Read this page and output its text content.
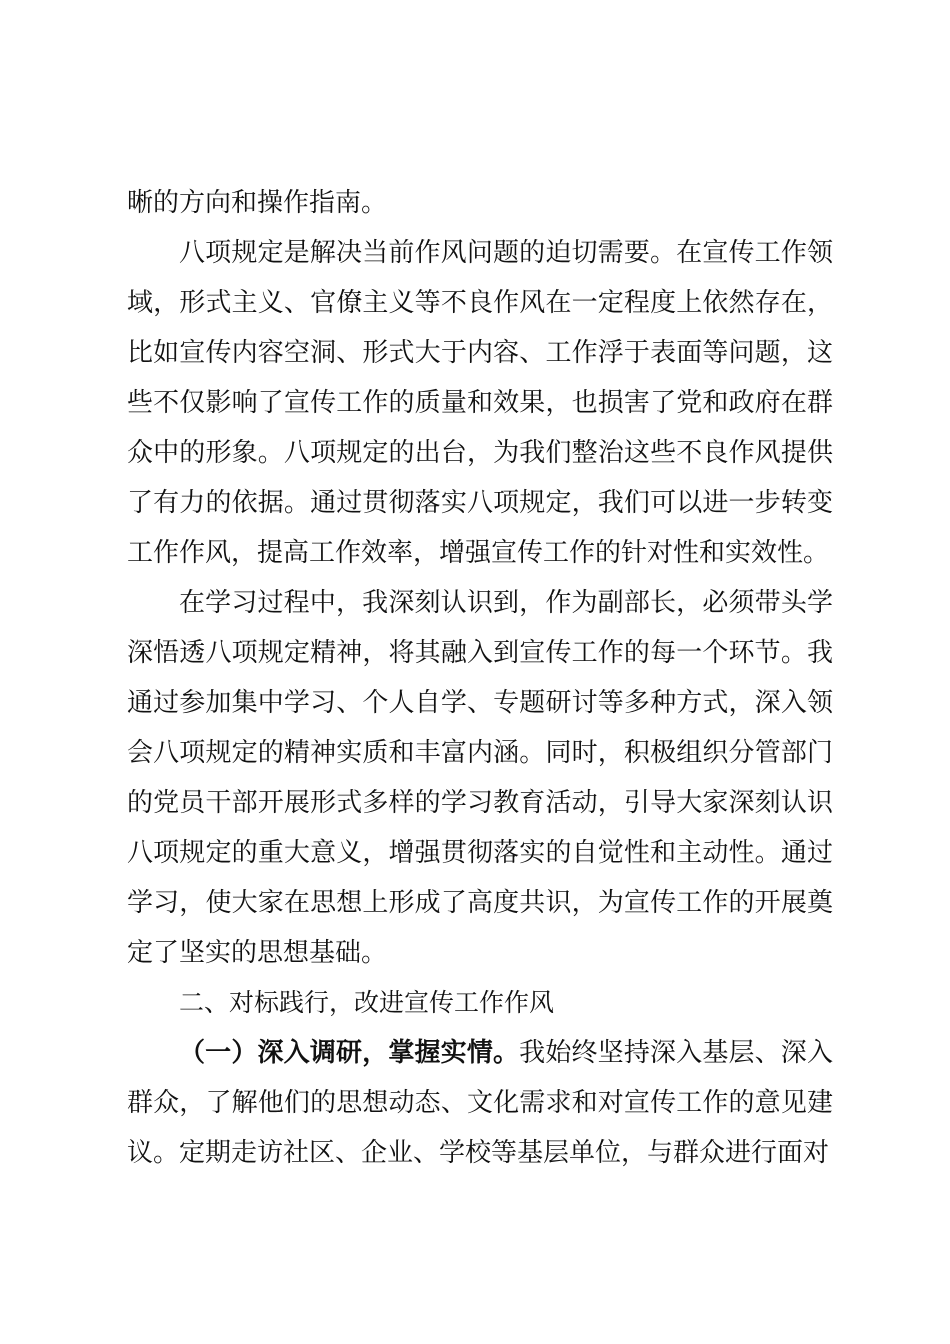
晰的方向和操作指南。

八项规定是解决当前作风问题的迫切需要。在宣传工作领域，形式主义、官僚主义等不良作风在一定程度上依然存在，比如宣传内容空洞、形式大于内容、工作浮于表面等问题，这些不仅影响了宣传工作的质量和效果，也损害了党和政府在群众中的形象。八项规定的出台，为我们整治这些不良作风提供了有力的依据。通过贯彻落实八项规定，我们可以进一步转变工作作风，提高工作效率，增强宣传工作的针对性和实效性。

在学习过程中，我深刻认识到，作为副部长，必须带头学深悟透八项规定精神，将其融入到宣传工作的每一个环节。我通过参加集中学习、个人自学、专题研讨等多种方式，深入领会八项规定的精神实质和丰富内涵。同时，积极组织分管部门的党员干部开展形式多样的学习教育活动，引导大家深刻认识八项规定的重大意义，增强贯彻落实的自觉性和主动性。通过学习，使大家在思想上形成了高度共识，为宣传工作的开展奠定了坚实的思想基础。

二、对标践行，改进宣传工作作风

（一）深入调研，掌握实情。我始终坚持深入基层、深入群众，了解他们的思想动态、文化需求和对宣传工作的意见建议。定期走访社区、企业、学校等基层单位，与群众进行面对
